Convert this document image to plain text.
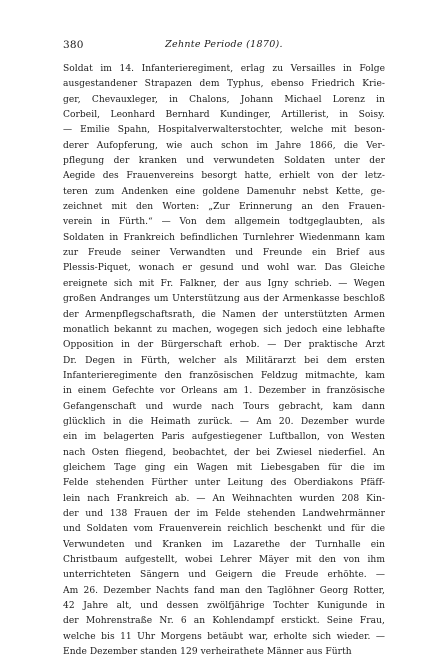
380	Zehnte Periode (1870).
Soldat im 14. Infanterieregiment, erlag zu Versailles in Folge
ausgestandener Strapazen dem Typhus, ebenso Friedrich Krie-
ger, Chevauxleger, in Chalons, Johann Michael Lorenz in
Corbeil, Leonhard Bernhard Kundinger, Artillerist, in Soisy.
— Emilie Spahn, Hospitalverwalterstochter, welche mit beson-
derer Aufopferung, wie auch schon im Jahre 1866, die Ver-
pflegung der kranken und verwundeten Soldaten unter der
Aegide des Frauenvereins besorgt hatte, erhielt von der letz-
teren zum Andenken eine goldene Damenuhr nebst Kette, ge-
zeichnet mit den Worten: „Zur Erinnerung an den Frauen-
verein in Fürth.“ — Von dem allgemein todtgeglaubten, als
Soldaten in Frankreich befindlichen Turnlehrer Wiedenmann kam
zur Freude seiner Verwandten und Freunde ein Brief aus
Plessis-Piquet, wonach er gesund und wohl war. Das Gleiche
ereignete sich mit Fr. Falkner, der aus Igny schrieb. — Wegen
großen Andranges um Unterstützung aus der Armenkasse beschloß
der Armenpflegschaftsrath, die Namen der unterstützten Armen
monatlich bekannt zu machen, wogegen sich jedoch eine lebhafte
Opposition in der Bürgerschaft erhob. — Der praktische Arzt
Dr. Degen in Fürth, welcher als Militärarzt bei dem ersten
Infanterieregimente den französischen Feldzug mitmachte, kam
in einem Gefechte vor Orleans am 1. Dezember in französische
Gefangenschaft und wurde nach Tours gebracht, kam dann
glücklich in die Heimath zurück. — Am 20. Dezember wurde
ein im belagerten Paris aufgestiegener Luftballon, von Westen
nach Osten fliegend, beobachtet, der bei Zwiesel niederfiel. An
gleichem Tage ging ein Wagen mit Liebesgaben für die im
Felde stehenden Fürther unter Leitung des Oberdiakons Pfäff-
lein nach Frankreich ab. — An Weihnachten wurden 208 Kin-
der und 138 Frauen der im Felde stehenden Landwehrmänner
und Soldaten vom Frauenverein reichlich beschenkt und für die
Verwundeten und Kranken im Lazarethe der Turnhalle ein
Christbaum aufgestellt, wobei Lehrer Mäyer mit den von ihm
unterrichteten Sängern und Geigern die Freude erhöhte. —
Am 26. Dezember Nachts fand man den Taglöhner Georg Rotter,
42 Jahre alt, und dessen zwölfjährige Tochter Kunigunde in
der Mohrenstraße Nr. 6 an Kohlendampf erstickt. Seine Frau,
welche bis 11 Uhr Morgens betäubt war, erholte sich wieder. —
Ende Dezember standen 129 verheirathete Männer aus Fürth
